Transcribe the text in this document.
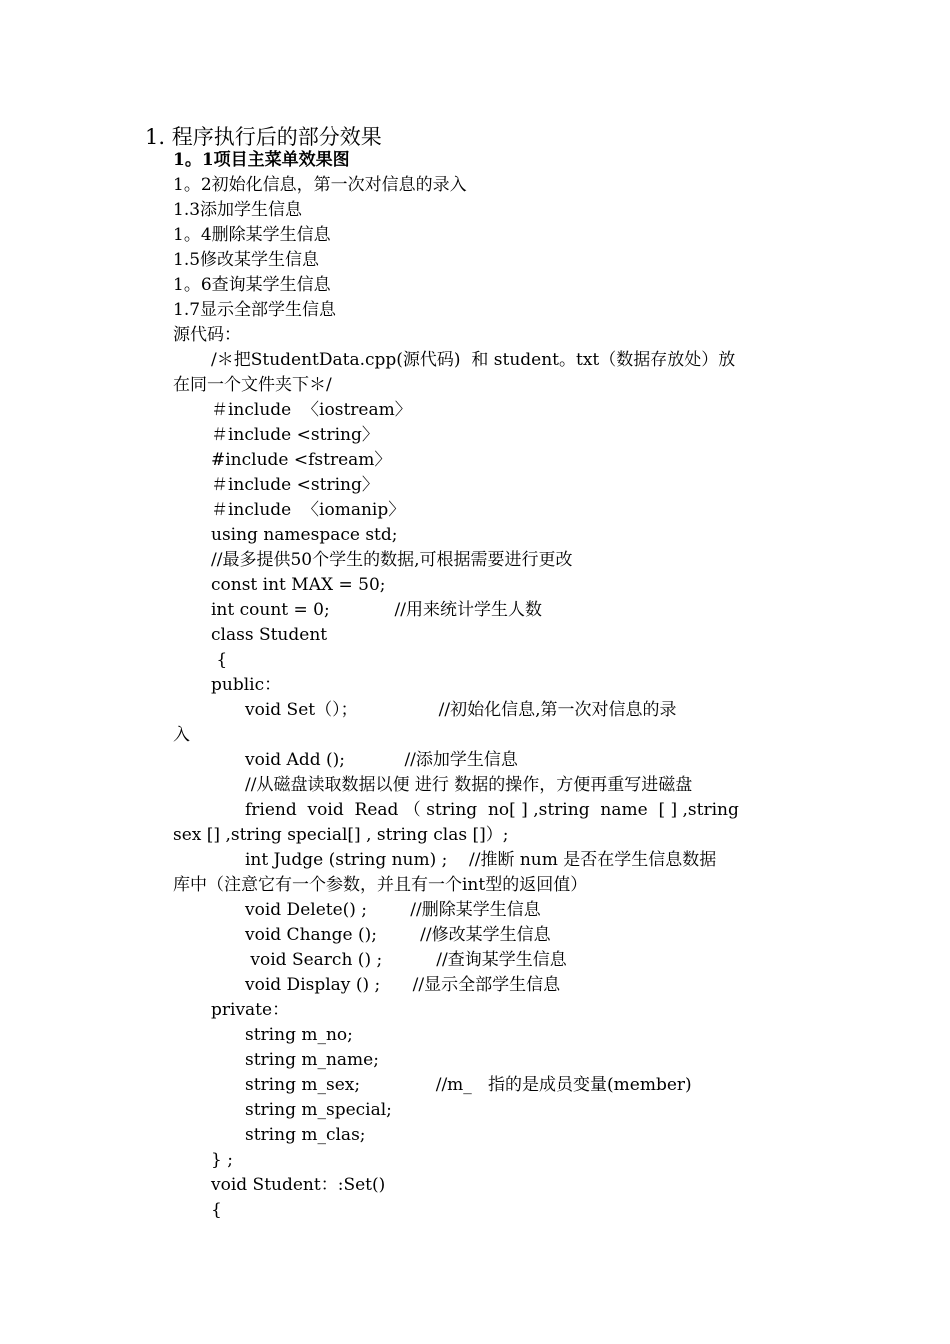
1. 程序执行后的部分效果
1。1项目主菜单效果图
1。2初始化信息，第一次对信息的录入
1.3添加学生信息
1。4删除某学生信息
1.5修改某学生信息
1。6查询某学生信息
1.7显示全部学生信息
源代码：
/＊把StudentData.cpp(源代码)  和 student。txt（数据存放处）放
在同一个文件夹下＊/
＃include  〈iostream〉
＃include <string〉
#include <fstream〉
＃include <string〉
＃include  〈iomanip〉
using namespace std;
//最多提供50个学生的数据,可根据需要进行更改
const int MAX = 50;
int count = 0;            //用来统计学生人数
class Student
{
public：
void Set（）；               //初始化信息,第一次对信息的录
入
void Add ();           //添加学生信息
//从磁盘读取数据以便 进行 数据的操作，方便再重写进磁盘
friend  void  Read （ string  no[ ] ,string  name  [ ] ,string
sex [] ,string special[] , string clas []）;
int Judge (string num) ;    //推断 num 是否在学生信息数据
库中（注意它有一个参数，并且有一个int型的返回值）
void Delete() ;        //删除某学生信息
void Change ();        //修改某学生信息
void Search () ;          //查询某学生信息
void Display () ;      //显示全部学生信息
private：
string m_no;
string m_name;
string m_sex;              //m_   指的是成员变量(member)
string m_special;
string m_clas;
} ;
void Student：:Set()
{
